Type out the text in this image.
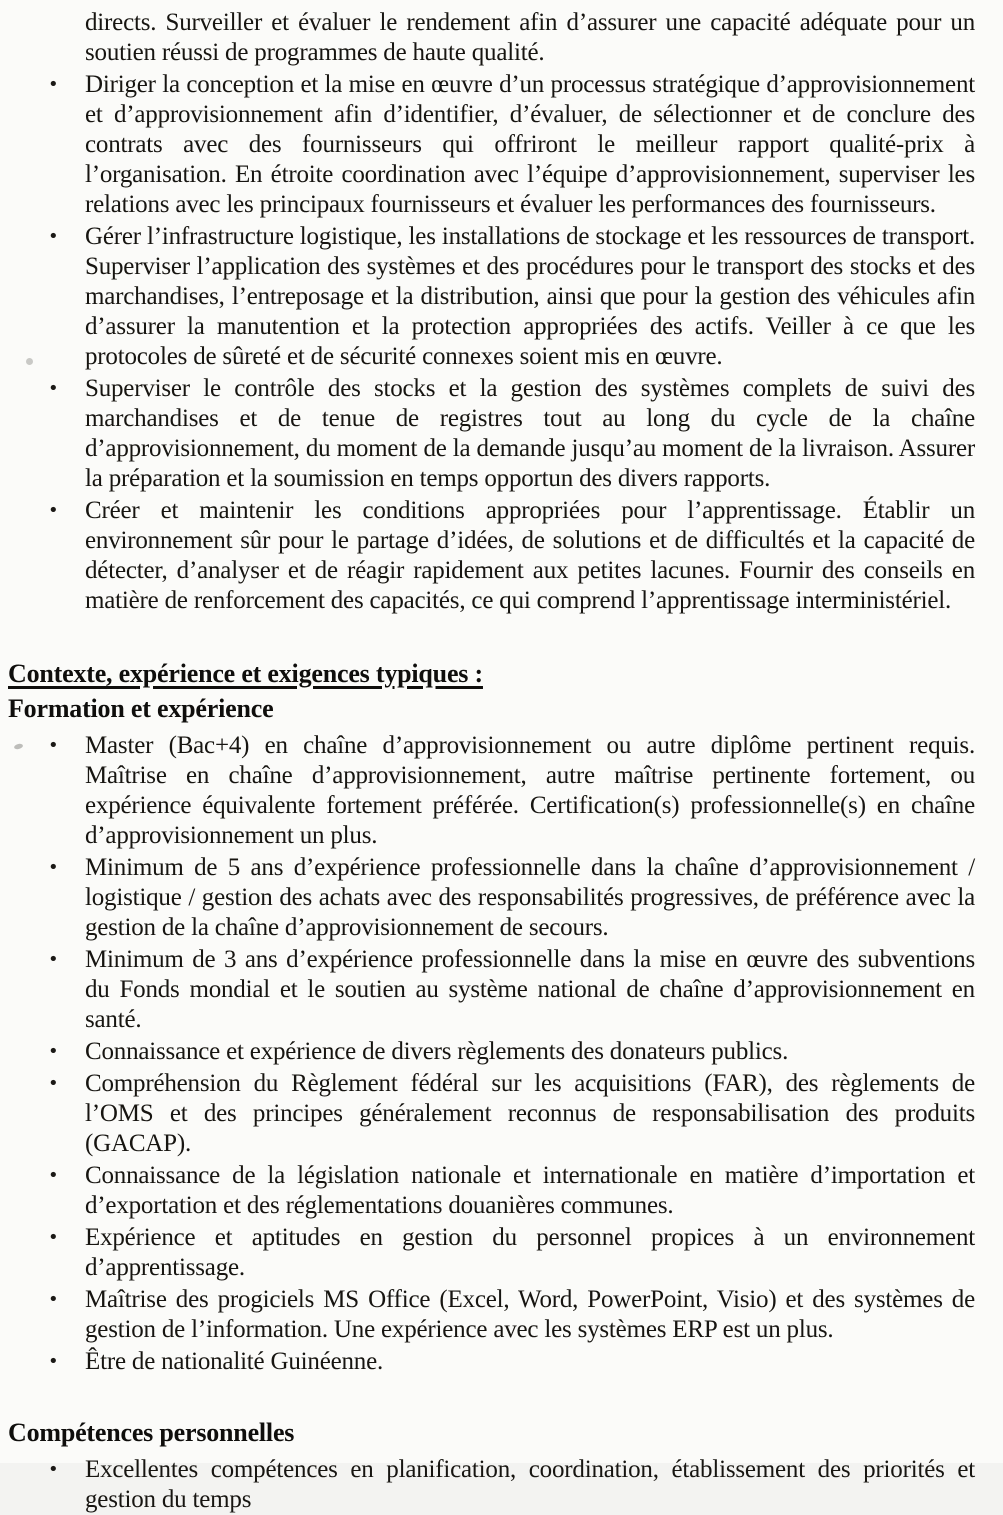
directs. Surveiller et évaluer le rendement afin d’assurer une capacité adéquate pour un soutien réussi de programmes de haute qualité.

• Diriger la conception et la mise en œuvre d’un processus stratégique d’approvisionnement et d’approvisionnement afin d’identifier, d’évaluer, de sélectionner et de conclure des contrats avec des fournisseurs qui offriront le meilleur rapport qualité-prix à l’organisation. En étroite coordination avec l’équipe d’approvisionnement, superviser les relations avec les principaux fournisseurs et évaluer les performances des fournisseurs.
• Gérer l’infrastructure logistique, les installations de stockage et les ressources de transport. Superviser l’application des systèmes et des procédures pour le transport des stocks et des marchandises, l’entreposage et la distribution, ainsi que pour la gestion des véhicules afin d’assurer la manutention et la protection appropriées des actifs. Veiller à ce que les protocoles de sûreté et de sécurité connexes soient mis en œuvre.
• Superviser le contrôle des stocks et la gestion des systèmes complets de suivi des marchandises et de tenue de registres tout au long du cycle de la chaîne d’approvisionnement, du moment de la demande jusqu’au moment de la livraison. Assurer la préparation et la soumission en temps opportun des divers rapports.
• Créer et maintenir les conditions appropriées pour l’apprentissage. Établir un environnement sûr pour le partage d’idées, de solutions et de difficultés et la capacité de détecter, d’analyser et de réagir rapidement aux petites lacunes. Fournir des conseils en matière de renforcement des capacités, ce qui comprend l’apprentissage interministériel.
Contexte, expérience et exigences typiques :
Formation et expérience
• Master (Bac+4) en chaîne d’approvisionnement ou autre diplôme pertinent requis. Maîtrise en chaîne d’approvisionnement, autre maîtrise pertinente fortement, ou expérience équivalente fortement préférée. Certification(s) professionnelle(s) en chaîne d’approvisionnement un plus.
• Minimum de 5 ans d’expérience professionnelle dans la chaîne d’approvisionnement / logistique / gestion des achats avec des responsabilités progressives, de préférence avec la gestion de la chaîne d’approvisionnement de secours.
• Minimum de 3 ans d’expérience professionnelle dans la mise en œuvre des subventions du Fonds mondial et le soutien au système national de chaîne d’approvisionnement en santé.
• Connaissance et expérience de divers règlements des donateurs publics.
• Compréhension du Règlement fédéral sur les acquisitions (FAR), des règlements de l’OMS et des principes généralement reconnus de responsabilisation des produits (GACAP).
• Connaissance de la législation nationale et internationale en matière d’importation et d’exportation et des réglementations douanières communes.
• Expérience et aptitudes en gestion du personnel propices à un environnement d’apprentissage.
• Maîtrise des progiciels MS Office (Excel, Word, PowerPoint, Visio) et des systèmes de gestion de l’information. Une expérience avec les systèmes ERP est un plus.
• Être de nationalité Guinéenne.
Compétences personnelles
• Excellentes compétences en planification, coordination, établissement des priorités et gestion du temps
